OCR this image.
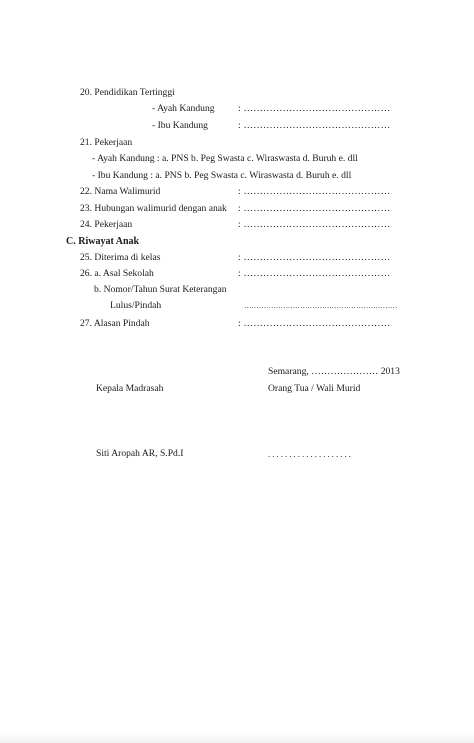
20. Pendidikan Tertinggi
- Ayah Kandung : ………………………………………
- Ibu Kandung	: ………………………………………
21. Pekerjaan
- Ayah Kandung : a. PNS b. Peg Swasta c. Wiraswasta d. Buruh e. dll
- Ibu Kandung : a. PNS b. Peg Swasta c. Wiraswasta d. Buruh e. dll
22. Nama Walimurid	: ………………………………………
23. Hubungan walimurid dengan anak : ………………………………………
24. Pekerjaan	: ………………………………………
C. Riwayat Anak
25. Diterima di kelas	: ………………………………………
26. a. Asal Sekolah	: ………………………………………
b. Nomor/Tahun Surat Keterangan
Lulus/Pindah	………………………………………………………
27. Alasan Pindah	: ………………………………………
Semarang, ………………… 2013
Kepala Madrasah	Orang Tua / Wali Murid
Siti Aropah AR, S.Pd.I	. . . . . . . . . . . . . . . . . . . .
